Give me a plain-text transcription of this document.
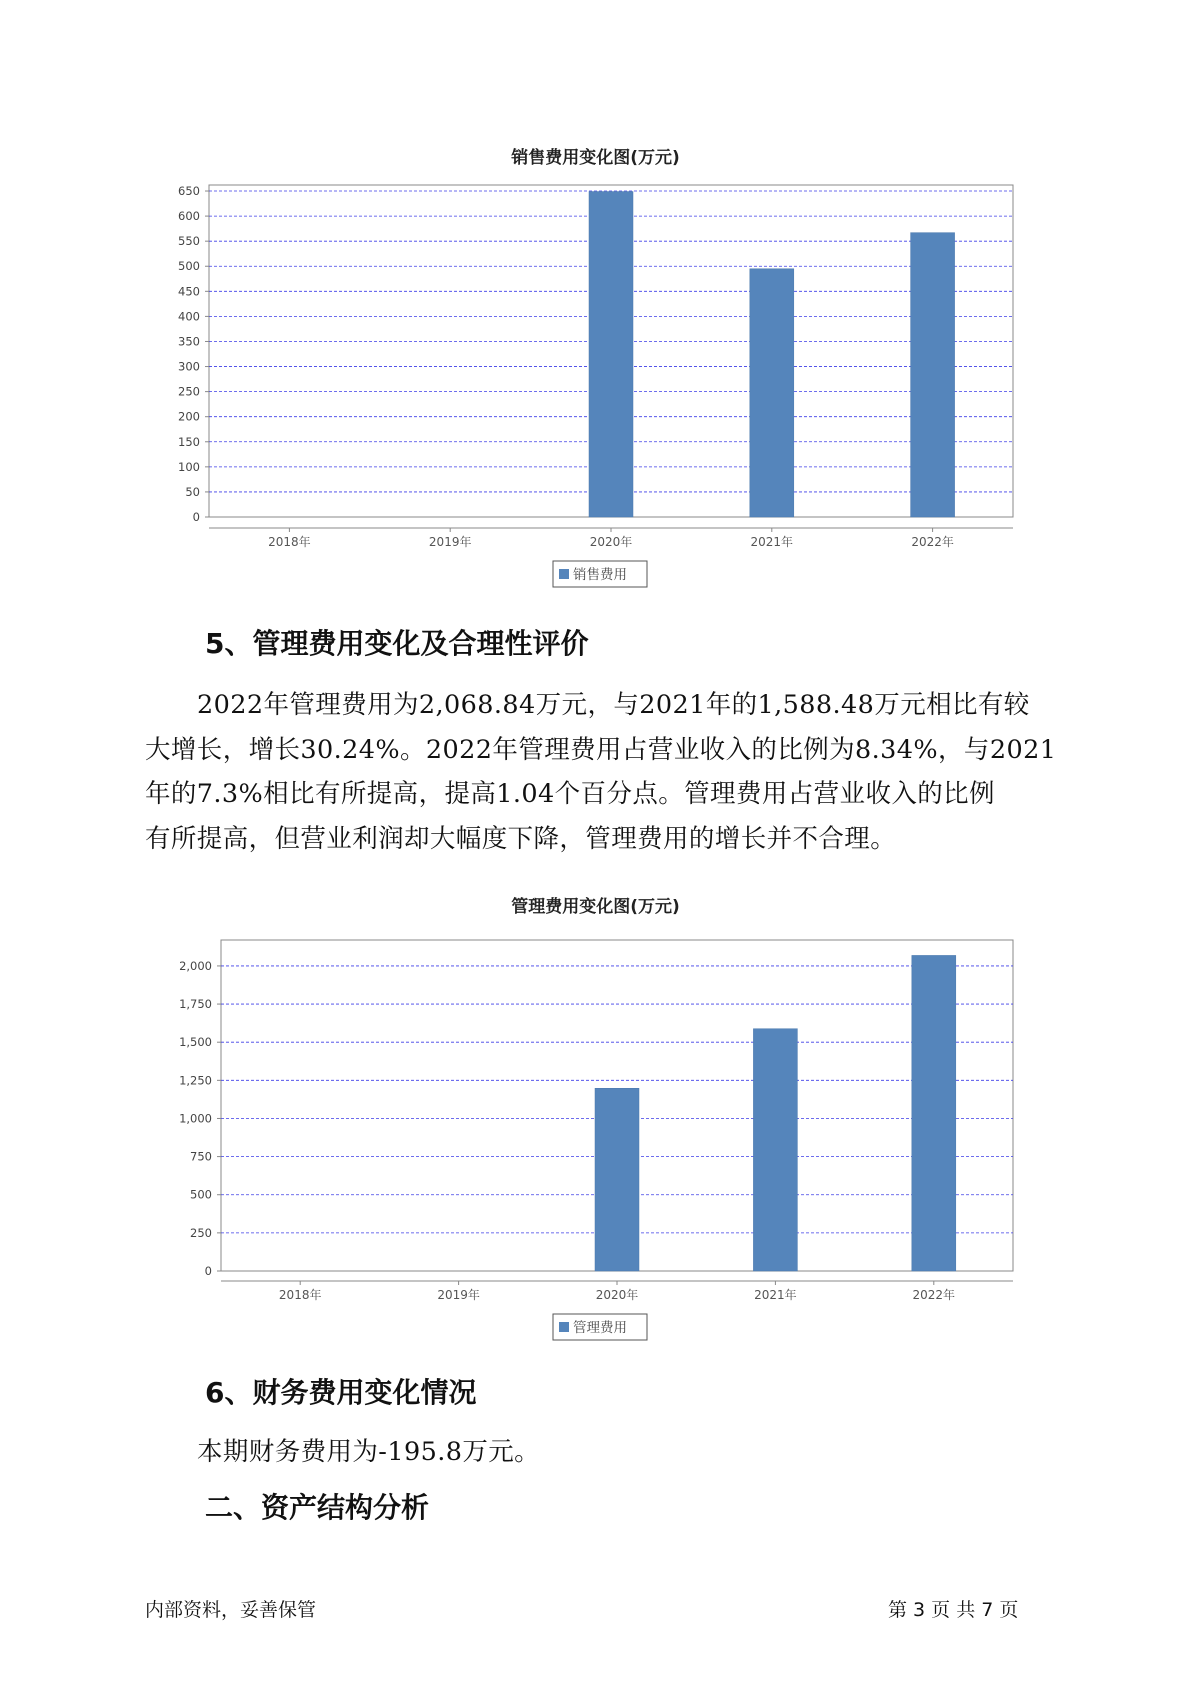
销售费用变化图(万元)
0
50
100
150
200
250
300
350
400
450
500
550
600
650
2018年	2019年	2020年	2021年	2022年
销售费用
5、管理费用变化及合理性评价
2022年管理费用为2,068.84万元，与2021年的1,588.48万元相比有较
大增长，增长30.24%。2022年管理费用占营业收入的比例为8.34%，与2021
年的7.3%相比有所提高，提高1.04个百分点。管理费用占营业收入的比例
有所提高，但营业利润却大幅度下降，管理费用的增长并不合理。
管理费用变化图(万元)
0
250
500
750
1,000
1,250
1,500
1,750
2,000
2018年	2019年	2020年	2021年	2022年
管理费用
6、财务费用变化情况
本期财务费用为-195.8万元。
二、资产结构分析
内部资料，妥善保管	第 3 页 共 7 页
